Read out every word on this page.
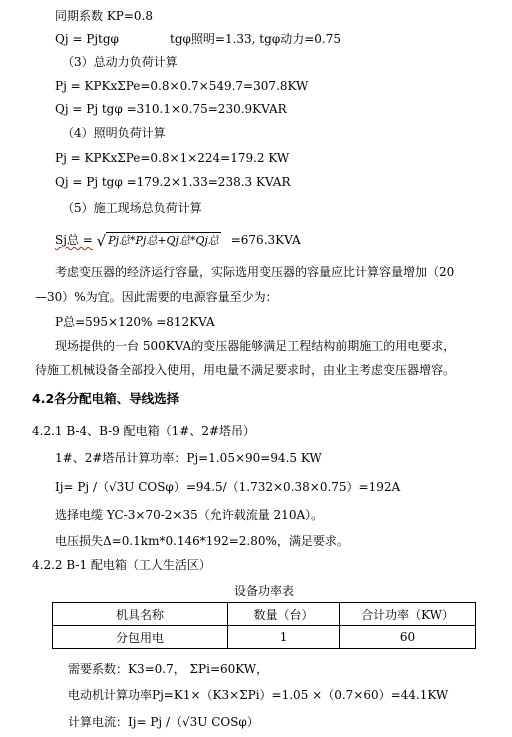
同期系数 KP=0.8
Qj = Pjtgφ	tgφ照明=1.33, tgφ动力=0.75
（3）总动力负荷计算
Pj = KPKxΣPe=0.8×0.7×549.7=307.8KW
Qj = Pj tgφ =310.1×0.75=230.9KVAR
（4）照明负荷计算
Pj = KPKxΣPe=0.8×1×224=179.2 KW
Qj = Pj tgφ =179.2×1.33=238.3 KVAR
（5）施工现场总负荷计算
Sj总 = √ Pj总*Pj总+Qj总*Qj总 =676.3KVA
考虑变压器的经济运行容量，实际选用变压器的容量应比计算容量增加（20
—30）%为宜。因此需要的电源容量至少为：
P总=595×120% =812KVA
现场提供的一台 500KVA的变压器能够满足工程结构前期施工的用电要求，
待施工机械设备全部投入使用，用电量不满足要求时，由业主考虑变压器增容。
4.2各分配电箱、导线选择
4.2.1 B-4、B-9 配电箱（1#、2#塔吊）
1#、2#塔吊计算功率：Pj=1.05×90=94.5 KW
Ij= Pj /（√3U COSφ）=94.5/（1.732×0.38×0.75）=192A
选择电缆 YC-3×70-2×35（允许载流量 210A）。
电压损失Δ=0.1km*0.146*192=2.80%，满足要求。
4.2.2 B-1 配电箱（工人生活区）
设备功率表
机具名称	数量（台）	合计功率（KW）
分包用电	1	60
需要系数：K3=0.7， ΣPi=60KW，
电动机计算功率Pj=K1×（K3×ΣPi）=1.05 ×（0.7×60）=44.1KW
计算电流：Ij= Pj /（√3U COSφ）
